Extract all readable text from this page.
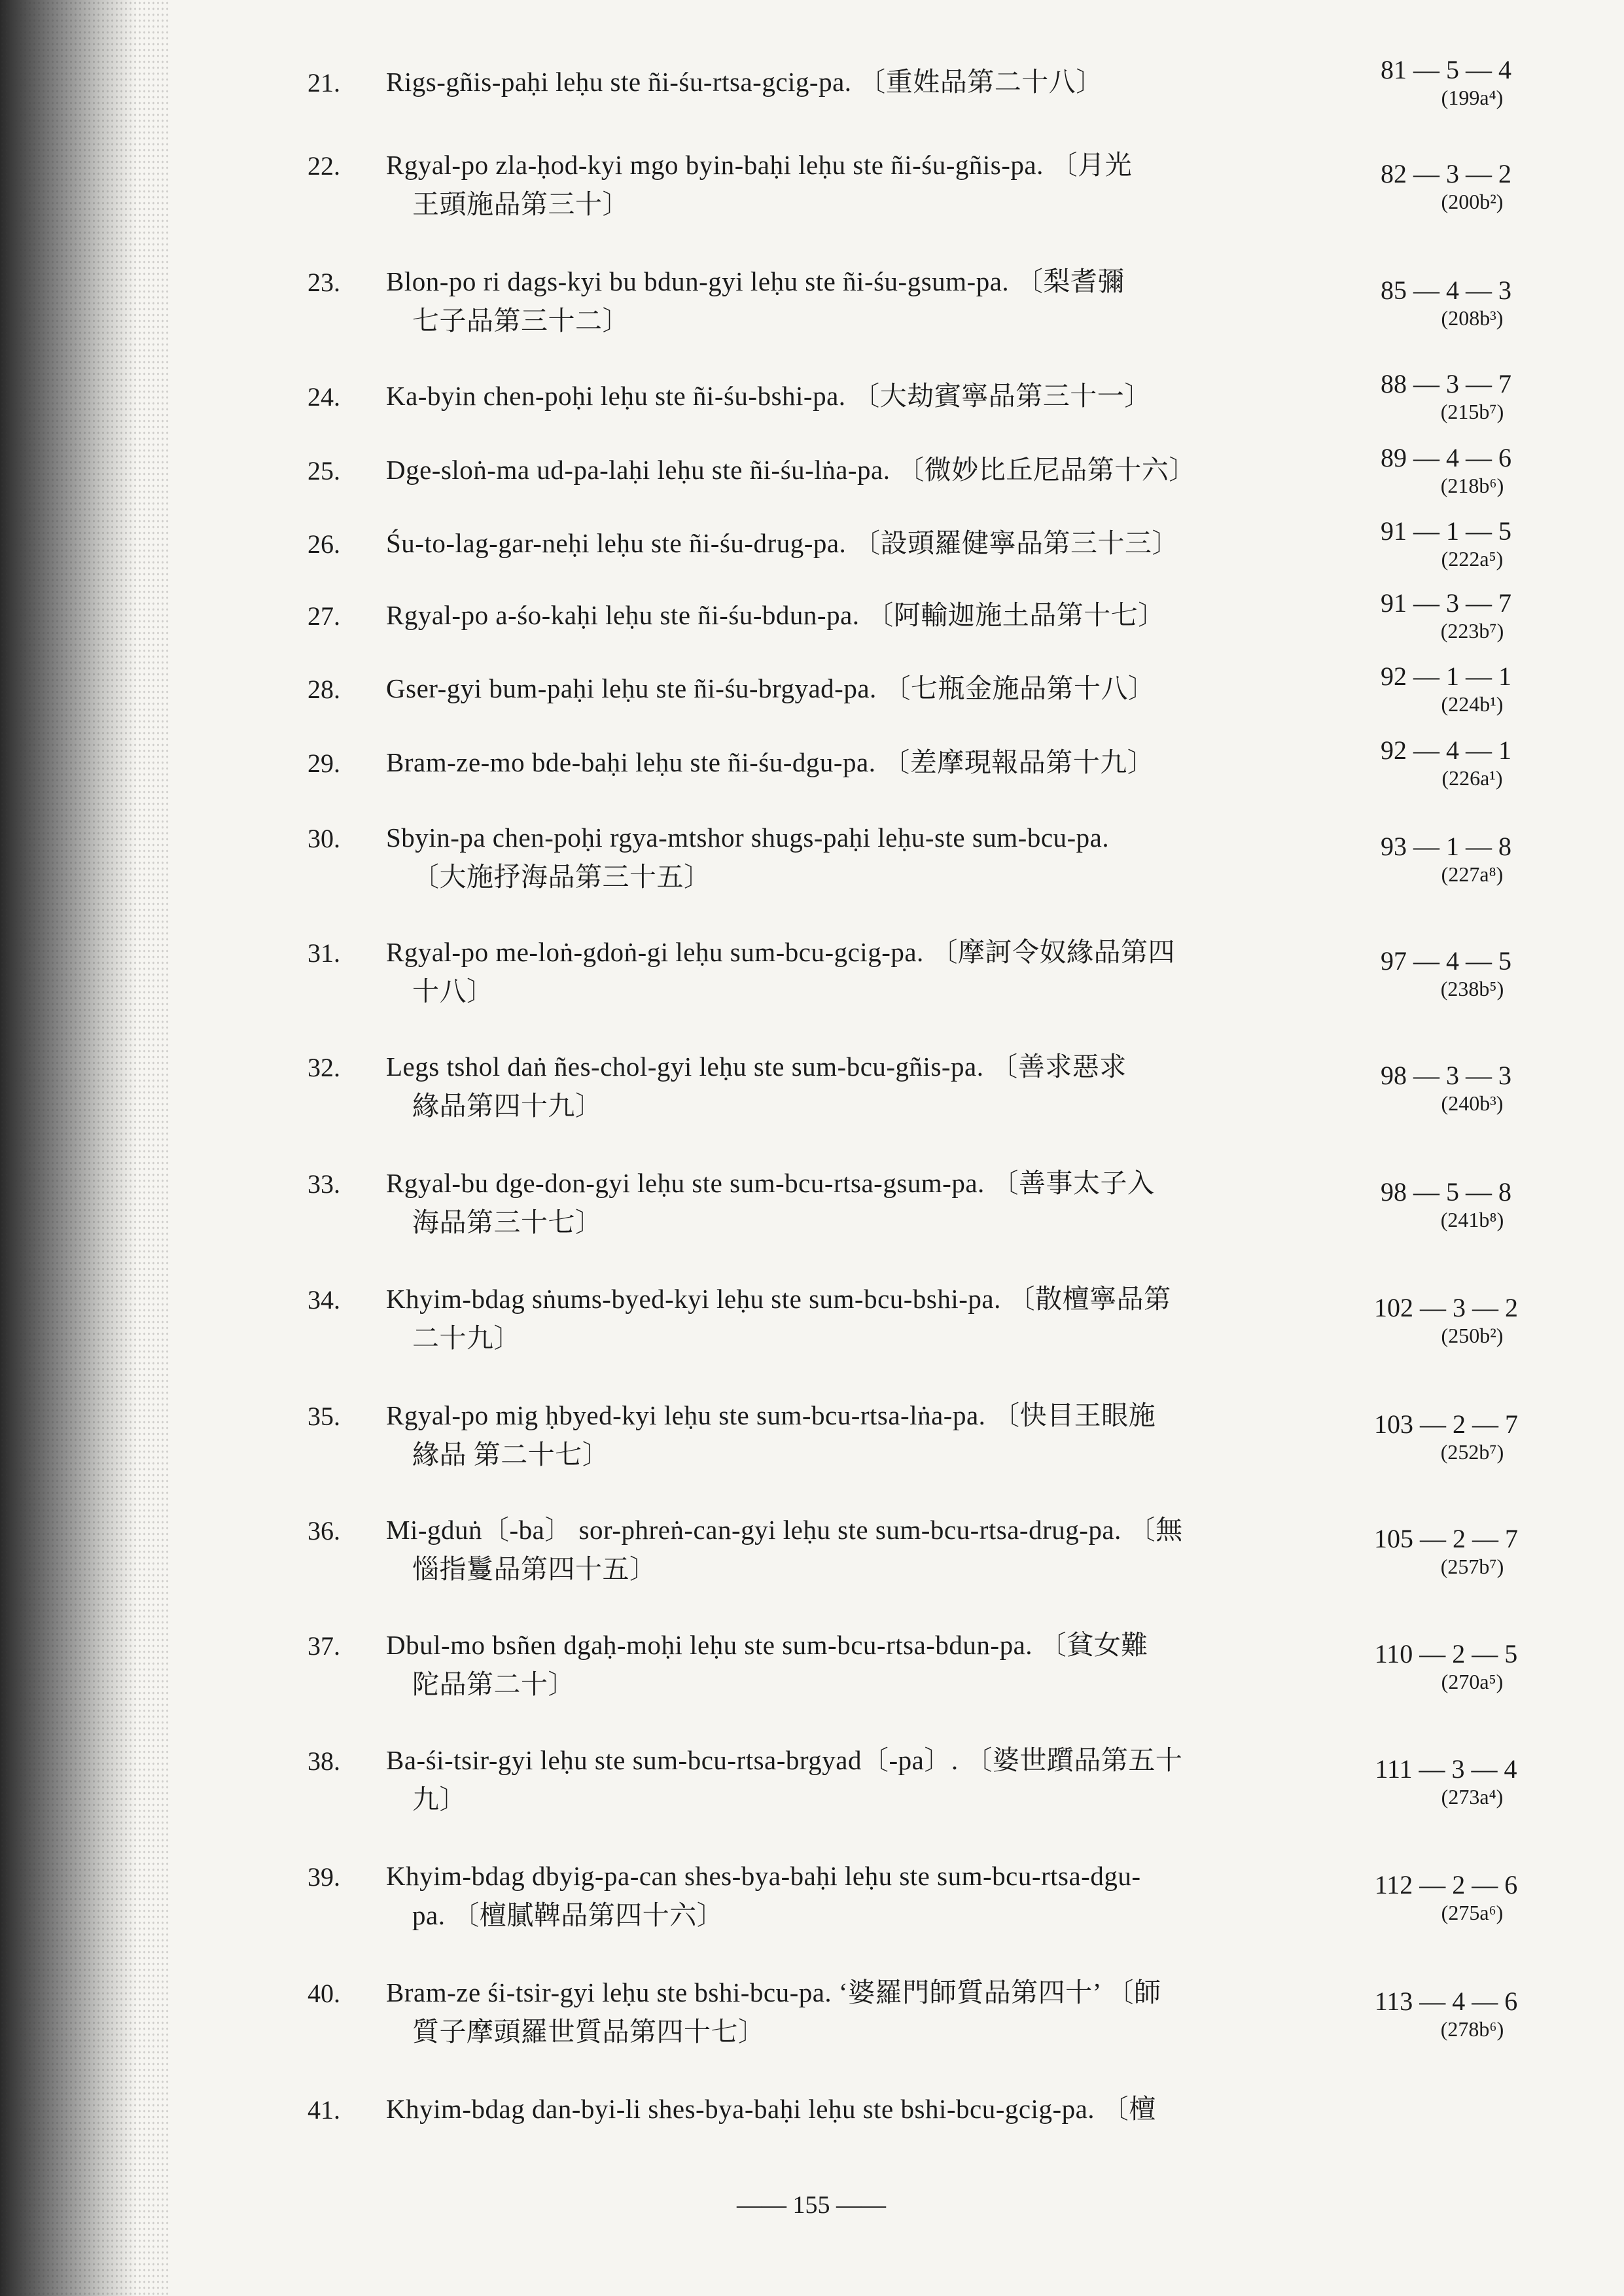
21.	Rigs-gñis-paḥi leḥu ste ñi-śu-rtsa-gcig-pa. 〔重姓品第二十八〕	81 — 5 — 4
(199a⁴)
22.	Rgyal-po zla-ḥod-kyi mgo byin-baḥi leḥu ste ñi-śu-gñis-pa. 〔月光
王頭施品第三十〕
82 — 3 — 2
(200b²)
23.	Blon-po ri dags-kyi bu bdun-gyi leḥu ste ñi-śu-gsum-pa. 〔梨耆彌
七子品第三十二〕
85 — 4 — 3
(208b³)
24.	Ka-byin chen-poḥi leḥu ste ñi-śu-bshi-pa. 〔大劫賓寧品第三十一〕	88 — 3 — 7
(215b⁷)
25.	Dge-sloṅ-ma ud-pa-laḥi leḥu ste ñi-śu-lṅa-pa. 〔微妙比丘尼品第十六〕	89 — 4 — 6
(218b⁶)
26.	Śu-to-lag-gar-neḥi leḥu ste ñi-śu-drug-pa. 〔設頭羅健寧品第三十三〕	91 — 1 — 5
(222a⁵)
27.	Rgyal-po a-śo-kaḥi leḥu ste ñi-śu-bdun-pa. 〔阿輸迦施土品第十七〕	91 — 3 — 7
(223b⁷)
28.	Gser-gyi bum-paḥi leḥu ste ñi-śu-brgyad-pa. 〔七瓶金施品第十八〕	92 — 1 — 1
(224b¹)
29.	Bram-ze-mo bde-baḥi leḥu ste ñi-śu-dgu-pa. 〔差摩現報品第十九〕	92 — 4 — 1
(226a¹)
30.	Sbyin-pa chen-poḥi rgya-mtshor shugs-paḥi leḥu-ste sum-bcu-pa.
〔大施抒海品第三十五〕
93 — 1 — 8
(227a⁸)
31.	Rgyal-po me-loṅ-gdoṅ-gi leḥu sum-bcu-gcig-pa. 〔摩訶令奴緣品第四
十八〕
97 — 4 — 5
(238b⁵)
32.	Legs tshol daṅ ñes-chol-gyi leḥu ste sum-bcu-gñis-pa. 〔善求惡求
緣品第四十九〕
98 — 3 — 3
(240b³)
33.	Rgyal-bu dge-don-gyi leḥu ste sum-bcu-rtsa-gsum-pa. 〔善事太子入
海品第三十七〕
98 — 5 — 8
(241b⁸)
34.	Khyim-bdag sṅums-byed-kyi leḥu ste sum-bcu-bshi-pa. 〔散檀寧品第
二十九〕
102 — 3 — 2
(250b²)
35.	Rgyal-po mig ḥbyed-kyi leḥu ste sum-bcu-rtsa-lṅa-pa. 〔快目王眼施
緣品 第二十七〕
103 — 2 — 7
(252b⁷)
36.	Mi-gduṅ〔-ba〕 sor-phreṅ-can-gyi leḥu ste sum-bcu-rtsa-drug-pa. 〔無
惱指鬘品第四十五〕
105 — 2 — 7
(257b⁷)
37.	Dbul-mo bsñen dgaḥ-moḥi leḥu ste sum-bcu-rtsa-bdun-pa. 〔貧女難
陀品第二十〕
110 — 2 — 5
(270a⁵)
38.	Ba-śi-tsir-gyi leḥu ste sum-bcu-rtsa-brgyad〔-pa〕. 〔婆世躓品第五十
九〕
111 — 3 — 4
(273a⁴)
39.	Khyim-bdag dbyig-pa-can shes-bya-baḥi leḥu ste sum-bcu-rtsa-dgu-
pa. 〔檀膩鞞品第四十六〕
112 — 2 — 6
(275a⁶)
40.	Bram-ze śi-tsir-gyi leḥu ste bshi-bcu-pa. ‘婆羅門師質品第四十’ 〔師
質子摩頭羅世質品第四十七〕
113 — 4 — 6
(278b⁶)
41.	Khyim-bdag dan-byi-li shes-bya-baḥi leḥu ste bshi-bcu-gcig-pa. 〔檀
—— 155 ——
